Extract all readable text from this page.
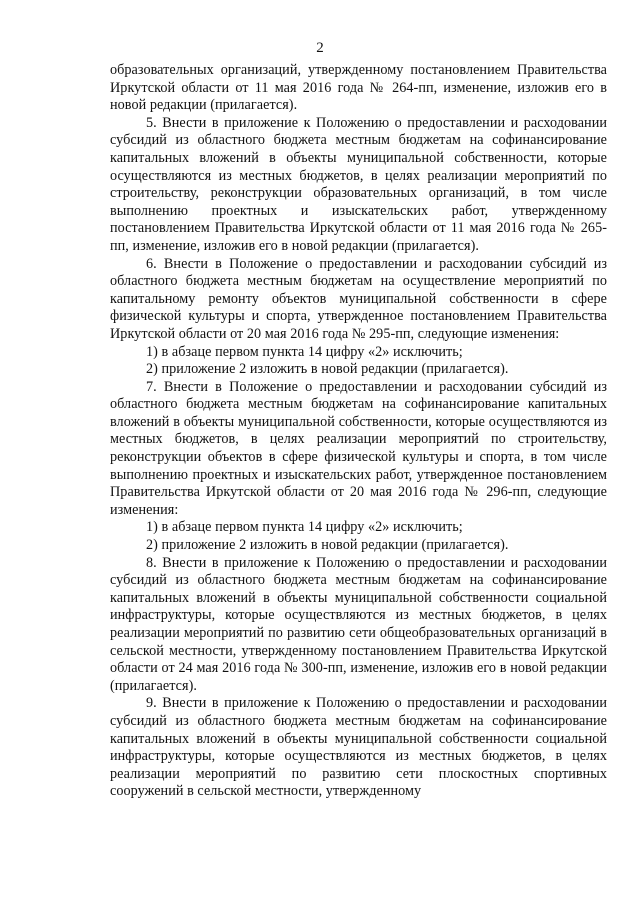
2

образовательных организаций, утвержденному постановлением Правительства Иркутской области от 11 мая 2016 года № 264-пп, изменение, изложив его в новой редакции (прилагается).

5. Внести в приложение к Положению о предоставлении и расходовании субсидий из областного бюджета местным бюджетам на софинансирование капитальных вложений в объекты муниципальной собственности, которые осуществляются из местных бюджетов, в целях реализации мероприятий по строительству, реконструкции образовательных организаций, в том числе выполнению проектных и изыскательских работ, утвержденному постановлением Правительства Иркутской области от 11 мая 2016 года № 265-пп, изменение, изложив его в новой редакции (прилагается).

6. Внести в Положение о предоставлении и расходовании субсидий из областного бюджета местным бюджетам на осуществление мероприятий по капитальному ремонту объектов муниципальной собственности в сфере физической культуры и спорта, утвержденное постановлением Правительства Иркутской области от 20 мая 2016 года № 295-пп, следующие изменения:

1) в абзаце первом пункта 14 цифру «2» исключить;

2) приложение 2 изложить в новой редакции (прилагается).

7. Внести в Положение о предоставлении и расходовании субсидий из областного бюджета местным бюджетам на софинансирование капитальных вложений в объекты муниципальной собственности, которые осуществляются из местных бюджетов, в целях реализации мероприятий по строительству, реконструкции объектов в сфере физической культуры и спорта, в том числе выполнению проектных и изыскательских работ, утвержденное постановлением Правительства Иркутской области от 20 мая 2016 года № 296-пп, следующие изменения:

1) в абзаце первом пункта 14 цифру «2» исключить;

2) приложение 2 изложить в новой редакции (прилагается).

8. Внести в приложение к Положению о предоставлении и расходовании субсидий из областного бюджета местным бюджетам на софинансирование капитальных вложений в объекты муниципальной собственности социальной инфраструктуры, которые осуществляются из местных бюджетов, в целях реализации мероприятий по развитию сети общеобразовательных организаций в сельской местности, утвержденному постановлением Правительства Иркутской области от 24 мая 2016 года № 300-пп, изменение, изложив его в новой редакции (прилагается).

9. Внести в приложение к Положению о предоставлении и расходовании субсидий из областного бюджета местным бюджетам на софинансирование капитальных вложений в объекты муниципальной собственности социальной инфраструктуры, которые осуществляются из местных бюджетов, в целях реализации мероприятий по развитию сети плоскостных спортивных сооружений в сельской местности, утвержденному
